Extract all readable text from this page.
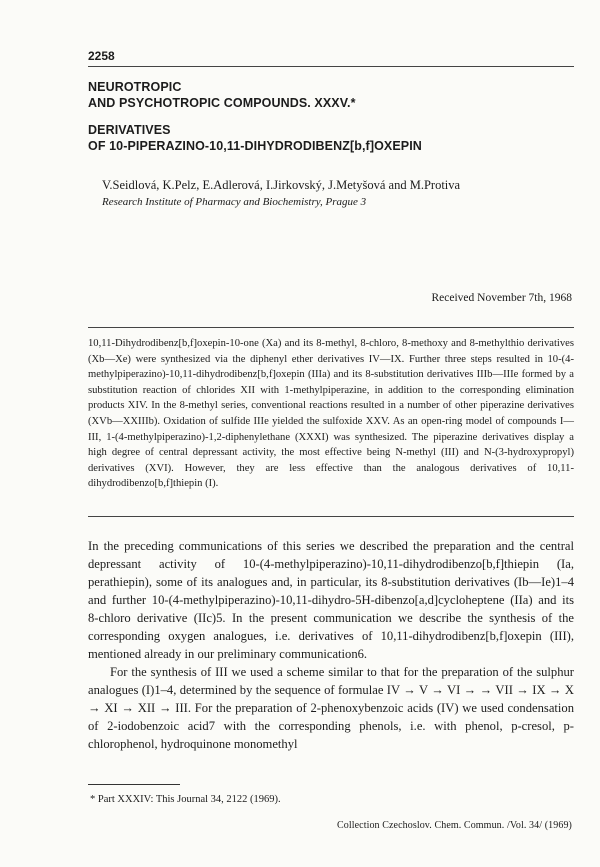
2258
NEUROTROPIC
AND PSYCHOTROPIC COMPOUNDS. XXXV.*
DERIVATIVES
OF 10-PIPERAZINO-10,11-DIHYDRODIBENZ[b,f]OXEPIN
V.Seidlová, K.Pelz, E.Adlerová, I.Jirkovský, J.Metyšová and M.Protiva
Research Institute of Pharmacy and Biochemistry, Prague 3
Received November 7th, 1968
10,11-Dihydrodibenz[b,f]oxepin-10-one (Xa) and its 8-methyl, 8-chloro, 8-methoxy and 8-methylthio derivatives (Xb—Xe) were synthesized via the diphenyl ether derivatives IV—IX. Further three steps resulted in 10-(4-methylpiperazino)-10,11-dihydrodibenz[b,f]oxepin (IIIa) and its 8-substitution derivatives IIIb—IIIe formed by a substitution reaction of chlorides XII with 1-methylpiperazine, in addition to the corresponding elimination products XIV. In the 8-methyl series, conventional reactions resulted in a number of other piperazine derivatives (XVb—XXIIIb). Oxidation of sulfide IIIe yielded the sulfoxide XXV. As an open-ring model of compounds I—III, 1-(4-methylpiperazino)-1,2-diphenylethane (XXXI) was synthesized. The piperazine derivatives display a high degree of central depressant activity, the most effective being N-methyl (III) and N-(3-hydroxypropyl) derivatives (XVI). However, they are less effective than the analogous derivatives of 10,11-dihydrodibenzo[b,f]thiepin (I).

In the preceding communications of this series we described the preparation and the central depressant activity of 10-(4-methylpiperazino)-10,11-dihydrodibenzo[b,f]thiepin (Ia, perathiepin), some of its analogues and, in particular, its 8-substitution derivatives (Ib—Ie)1–4 and further 10-(4-methylpiperazino)-10,11-dihydro-5H-dibenzo[a,d]cycloheptene (IIa) and its 8-chloro derivative (IIc)5. In the present communication we describe the synthesis of the corresponding oxygen analogues, i.e. derivatives of 10,11-dihydrodibenz[b,f]oxepin (III), mentioned already in our preliminary communication6.

For the synthesis of III we used a scheme similar to that for the preparation of the sulphur analogues (I)1–4, determined by the sequence of formulae IV → V → VI → → VII → IX → X → XI → XII → III. For the preparation of 2-phenoxybenzoic acids (IV) we used condensation of 2-iodobenzoic acid7 with the corresponding phenols, i.e. with phenol, p-cresol, p-chlorophenol, hydroquinone monomethyl

* Part XXXIV: This Journal 34, 2122 (1969).
Collection Czechoslov. Chem. Commun. /Vol. 34/ (1969)
